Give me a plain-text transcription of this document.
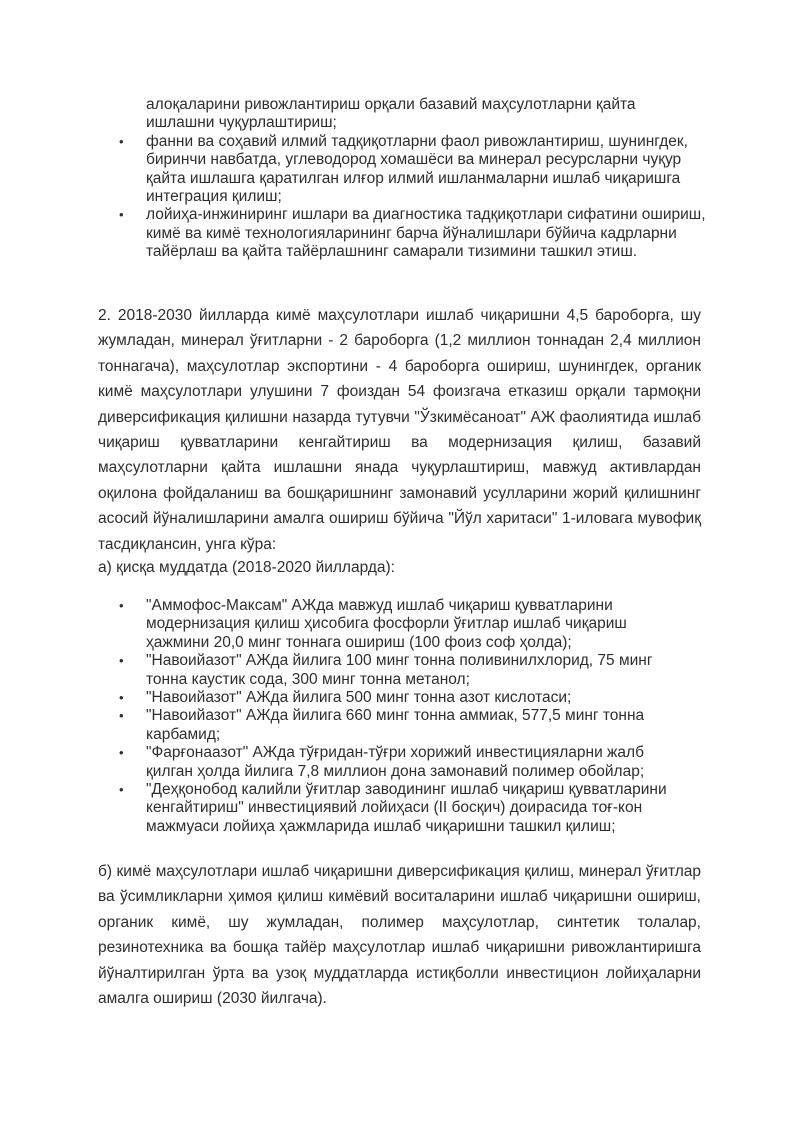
алоқаларини ривожлантириш орқали базавий маҳсулотларни қайта ишлашни чуқурлаштириш;
• фанни ва соҳавий илмий тадқиқотларни фаол ривожлантириш, шунингдек, биринчи навбатда, углеводород хомашёси ва минерал ресурсларни чуқур қайта ишлашга қаратилган илғор илмий ишланмаларни ишлаб чиқаришга интеграция қилиш;
• лойиҳа-инжиниринг ишлари ва диагностика тадқиқотлари сифатини ошириш, кимё ва кимё технологияларининг барча йўналишлари бўйича кадрларни тайёрлаш ва қайта тайёрлашнинг самарали тизимини ташкил этиш.

2. 2018-2030 йилларда кимё маҳсулотлари ишлаб чиқаришни 4,5 бароборга, шу жумладан, минерал ўғитларни - 2 бароборга (1,2 миллион тоннадан 2,4 миллион тоннагача), маҳсулотлар экспортини - 4 бароборга ошириш, шунингдек, органик кимё маҳсулотлари улушини 7 фоиздан 54 фоизгача етказиш орқали тармоқни диверсификация қилишни назарда тутувчи "Ўзкимёсаноат" АЖ фаолиятида ишлаб чиқариш қувватларини кенгайтириш ва модернизация қилиш, базавий маҳсулотларни қайта ишлашни янада чуқурлаштириш, мавжуд активлардан оқилона фойдаланиш ва бошқаришнинг замонавий усулларини жорий қилишнинг асосий йўналишларини амалга ошириш бўйича "Йўл харитаси" 1-иловага мувофиқ тасдиқлансин, унга кўра:

а) қисқа муддатда (2018-2020 йилларда):

• "Аммофос-Максам" АЖда мавжуд ишлаб чиқариш қувватларини модернизация қилиш ҳисобига фосфорли ўғитлар ишлаб чиқариш ҳажмини 20,0 минг тоннага ошириш (100 фоиз соф ҳолда);
• "Навоийазот" АЖда йилига 100 минг тонна поливинилхлорид, 75 минг тонна каустик сода, 300 минг тонна метанол;
• "Навоийазот" АЖда йилига 500 минг тонна азот кислотаси;
• "Навоийазот" АЖда йилига 660 минг тонна аммиак, 577,5 минг тонна карбамид;
• "Фарғонаазот" АЖда тўғридан-тўғри хорижий инвестицияларни жалб қилган ҳолда йилига 7,8 миллион дона замонавий полимер обойлар;
• "Деҳқонобод калийли ўғитлар заводининг ишлаб чиқариш қувватларини кенгайтириш" инвестициявий лойиҳаси (II босқич) доирасида тоғ-кон мажмуаси лойиҳа ҳажмларида ишлаб чиқаришни ташкил қилиш;

б) кимё маҳсулотлари ишлаб чиқаришни диверсификация қилиш, минерал ўғитлар ва ўсимликларни ҳимоя қилиш кимёвий воситаларини ишлаб чиқаришни ошириш, органик кимё, шу жумладан, полимер маҳсулотлар, синтетик толалар, резинотехника ва бошқа тайёр маҳсулотлар ишлаб чиқаришни ривожлантиришга йўналтирилган ўрта ва узоқ муддатларда истиқболли инвестицион лойиҳаларни амалга ошириш (2030 йилгача).
